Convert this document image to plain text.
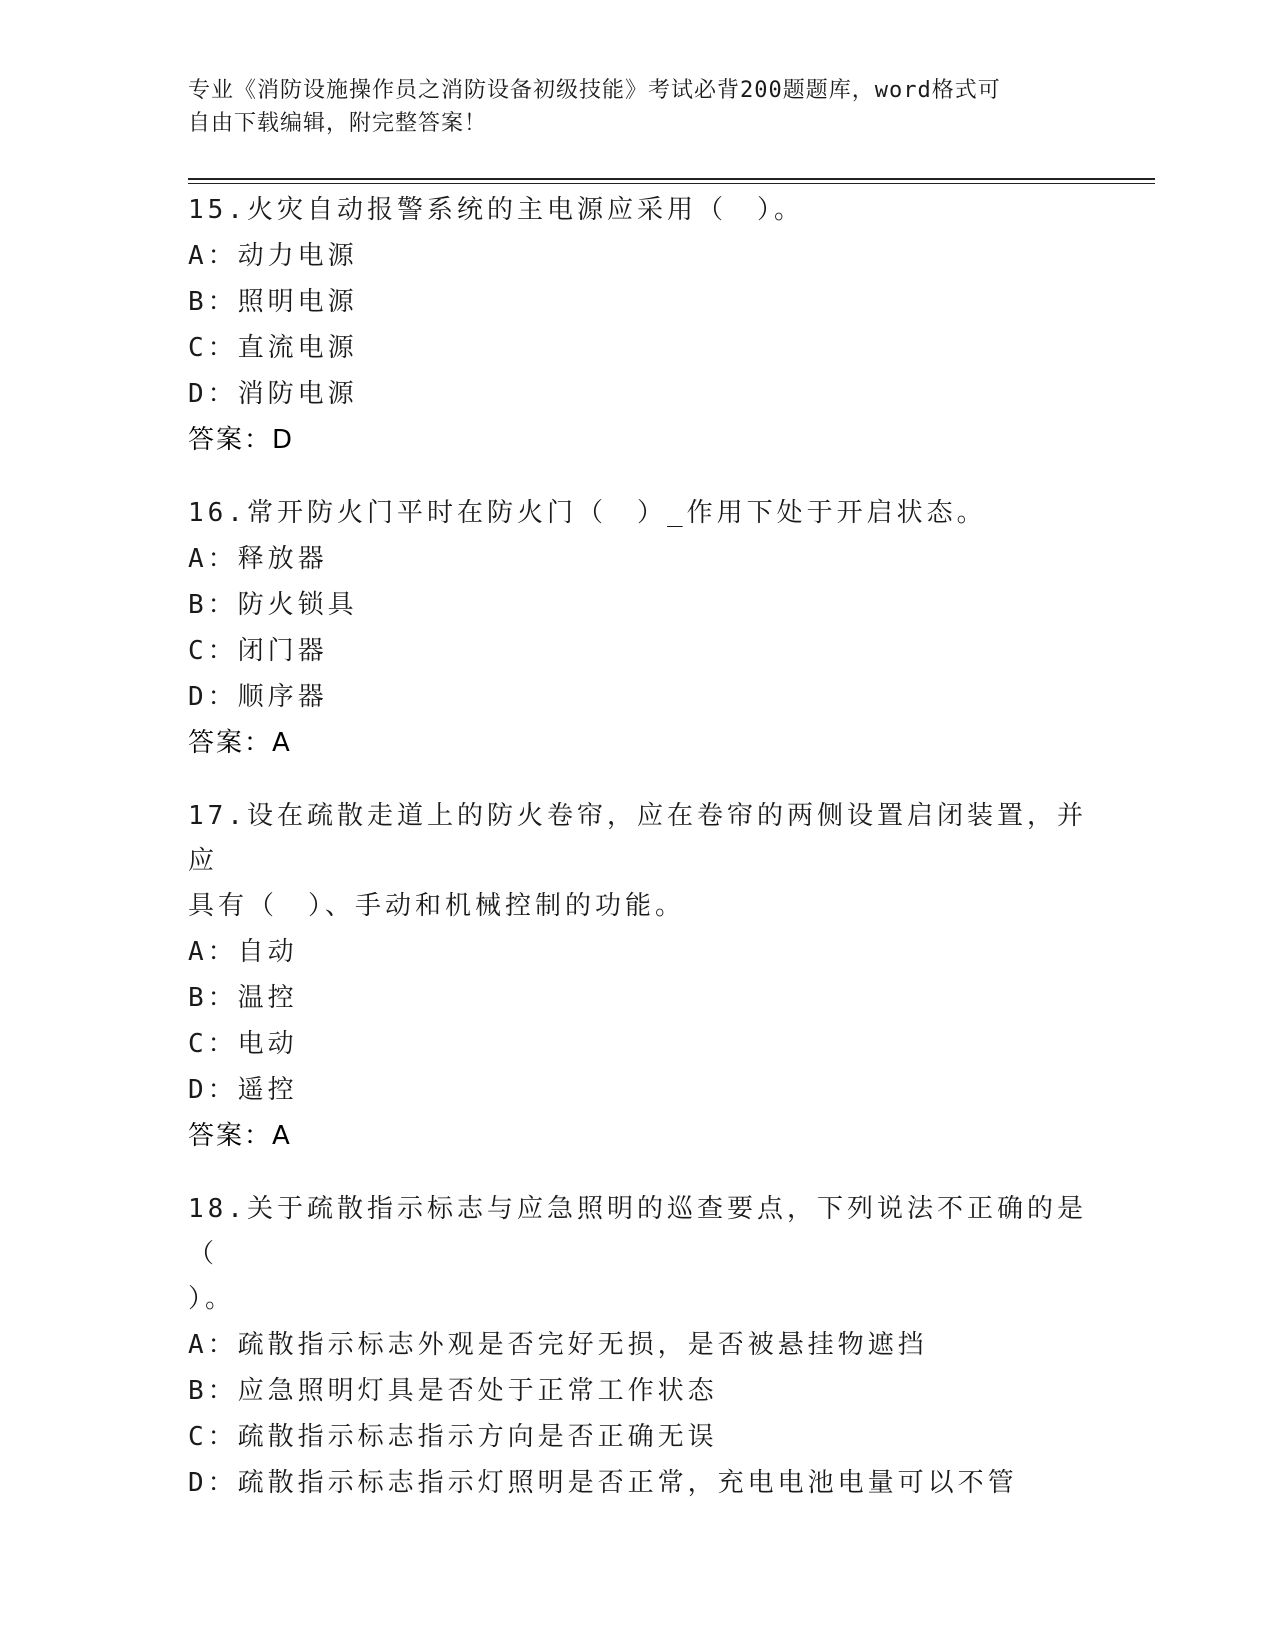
专业《消防设施操作员之消防设备初级技能》考试必背200题题库，word格式可
自由下载编辑，附完整答案！
15.火灾自动报警系统的主电源应采用（　）。
A：动力电源
B：照明电源
C：直流电源
D：消防电源
答案：D
16.常开防火门平时在防火门（　）_作用下处于开启状态。
A：释放器
B：防火锁具
C：闭门器
D：顺序器
答案：A
17.设在疏散走道上的防火卷帘，应在卷帘的两侧设置启闭装置，并应
具有（　）、手动和机械控制的功能。
A：自动
B：温控
C：电动
D：遥控
答案：A
18.关于疏散指示标志与应急照明的巡查要点，下列说法不正确的是（
）。
A：疏散指示标志外观是否完好无损，是否被悬挂物遮挡
B：应急照明灯具是否处于正常工作状态
C：疏散指示标志指示方向是否正确无误
D：疏散指示标志指示灯照明是否正常，充电电池电量可以不管
